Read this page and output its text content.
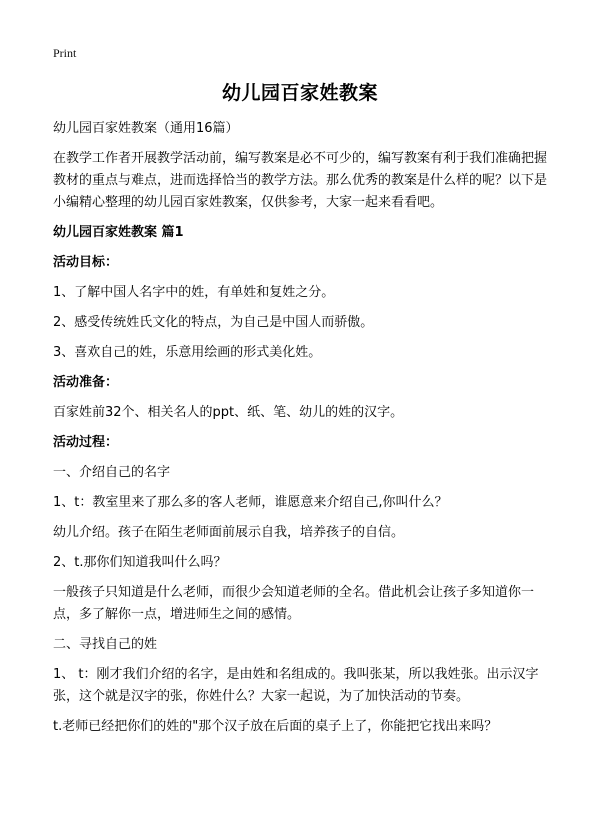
Print
幼儿园百家姓教案

幼儿园百家姓教案（通用16篇）

在教学工作者开展教学活动前，编写教案是必不可少的，编写教案有利于我们准确把握教材的重点与难点，进而选择恰当的教学方法。那么优秀的教案是什么样的呢？以下是小编精心整理的幼儿园百家姓教案，仅供参考，大家一起来看看吧。

幼儿园百家姓教案 篇1

活动目标：

1、了解中国人名字中的姓，有单姓和复姓之分。

2、感受传统姓氏文化的特点，为自己是中国人而骄傲。

3、喜欢自己的姓，乐意用绘画的形式美化姓。

活动准备：

百家姓前32个、相关名人的ppt、纸、笔、幼儿的姓的汉字。

活动过程：

一、介绍自己的名字

1、t：教室里来了那么多的客人老师，谁愿意来介绍自己,你叫什么？

幼儿介绍。孩子在陌生老师面前展示自我，培养孩子的自信。

2、t.那你们知道我叫什么吗？

一般孩子只知道是什么老师，而很少会知道老师的全名。借此机会让孩子多知道你一点，多了解你一点，增进师生之间的感情。

二、寻找自己的姓

1、 t：刚才我们介绍的名字，是由姓和名组成的。我叫张某，所以我姓张。出示汉字张，这个就是汉字的张，你姓什么？大家一起说，为了加快活动的节奏。

t.老师已经把你们的姓的"那个汉子放在后面的桌子上了，你能把它找出来吗？
